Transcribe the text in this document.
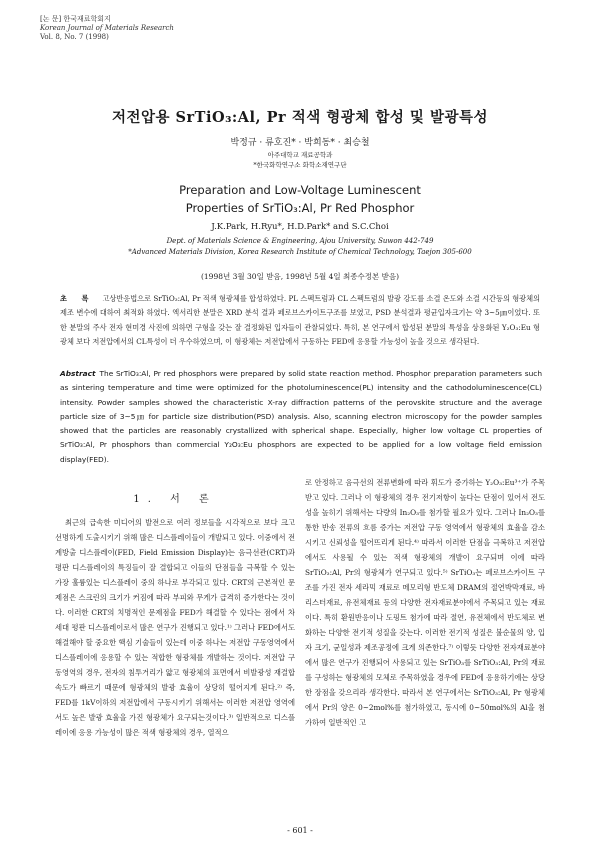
[논 문] 한국재료학회지
Korean Journal of Materials Research
Vol. 8, No. 7 (1998)
저전압용 SrTiO₃:Al, Pr 적색 형광체 합성 및 발광특성
박정규 · 류호진* · 박희동* · 최승철
아주대학교 재료공학과
*한국화학연구소 화학소재연구단
Preparation and Low-Voltage Luminescent
Properties of SrTiO₃:Al, Pr Red Phosphor
J.K.Park, H.Ryu*, H.D.Park* and S.C.Choi
Dept. of Materials Science & Engineering, Ajou University, Suwon 442-749
*Advanced Materials Division, Korea Research Institute of Chemical Technology, Taejon 305-600
(1998년 3월 30일 받음, 1998년 5월 4일 최종수정본 받음)
초 록 고상반응법으로 SrTiO₃:Al, Pr 적색 형광체를 합성하였다. PL 스펙트럼과 CL 스펙트럼의 발광 강도를 소결 온도와 소결 시간등의 형광체의 제조 변수에 대하여 최적화 하였다. 엑서리한 분말은 XRD 분석 결과 페로브스카이트구조를 보였고, PSD 분석결과 평균입자크기는 약 3~5㎛이었다. 또한 분말의 주사 전자 현미경 사진에 의하면 구형을 갖는 잘 결정화된 입자들이 관찰되었다. 특히, 본 연구에서 합성된 분말의 특성을 상용화된 Y₂O₃:Eu 형광체 보다 저전압에서의 CL특성이 더 우수하였으며, 이 형광체는 저전압에서 구동하는 FED에 응용할 가능성이 높을 것으로 생각된다.
Abstract The SrTiO₃:Al, Pr red phosphors were prepared by solid state reaction method. Phosphor preparation parameters such as sintering temperature and time were optimized for the photoluminescence(PL) intensity and the cathodoluminescence(CL) intensity. Powder samples showed the characteristic X-ray diffraction patterns of the perovskite structure and the average particle size of 3~5㎛ for particle size distribution(PSD) analysis. Also, scanning electron microscopy for the powder samples showed that the particles are reasonably crystallized with spherical shape. Especially, higher low voltage CL properties of SrTiO₃:Al, Pr phosphors than commercial Y₂O₃:Eu phosphors are expected to be applied for a low voltage field emission display(FED).
1. 서 론

최근의 급속한 미디어의 발전으로 여러 정보들을 시각적으로 보다 크고 선명하게 도출시키기 위해 많은 디스플레이들이 개발되고 있다. 이중에서 전계방출 디스플레이(FED, Field Emission Display)는 음극선관(CRT)과 평판 디스플레이의 특징들이 잘 결합되고 이들의 단점들을 극복할 수 있는 가장 훌륭있는 디스플레이 중의 하나로 부각되고 있다. CRT의 근본적인 문제점은 스크린의 크기가 커짐에 따라 부피와 무게가 급격히 증가한다는 것이다. 이러한 CRT의 치명적인 문제점을 FED가 해결할 수 있다는 점에서 차세대 평판 디스플레이로서 많은 연구가 진행되고 있다.¹⁾ 그러나 FED에서도 해결해야 할 중요한 핵심 기술들이 있는데 이중 하나는 저전압 구동영역에서 디스플레이에 응용할 수 있는 적합한 형광체를 개발하는 것이다. 저전압 구동영역의 경우, 전자의 침투거리가 얇고 형광체의 표면에서 비발광성 재결합 속도가 빠르기 때문에 형광체의 발광 효율이 상당히 떨어지게 된다.²⁾ 즉, FED를 1kV이하의 저전압에서 구동시키기 위해서는 이러한 저전압 영역에서도 높은 발광 효율을 가진 형광체가 요구되는것이다.³⁾ 일반적으로 디스플레이에 응용 가능성이 많은 적색 형광체의 경우, 열적으

로 안정하고 음극선의 전류변화에 따라 휘도가 증가하는 Y₂O₃:Eu³⁺가 주목받고 있다. 그러나 이 형광체의 경우 전기저항이 높다는 단점이 있어서 전도성을 높히기 위해서는 다량의 In₂O₃를 첨가할 필요가 있다. 그러나 In₂O₃를 통한 반송 전류의 흐름 증가는 저전압 구동 영역에서 형광체의 효율을 감소시키고 신뢰성을 떨어뜨리게 된다.⁴⁾ 따라서 이러한 단점을 극복하고 저전압에서도 사용될 수 있는 적색 형광체의 개발이 요구되며 이에 따라 SrTiO₃:Al, Pr의 형광체가 연구되고 있다.⁵⁾ SrTiO₃는 페로브스카이트 구조를 가진 전자 세라믹 재료로 메모리형 반도체 DRAM의 절연박막재료, 바리스터재료, 유전체재료 등의 다양한 전자재료분야에서 주목되고 있는 재료이다. 특히 환원반응이나 도핑트 첨가에 따라 절연, 유전체에서 반도체로 변화하는 다양한 전기적 성질을 갖는다. 이러한 전기적 성질은 불순물의 양, 입자 크기, 균일성과 제조공정에 크게 의존한다.⁷⁾ 이렇듯 다양한 전자재료분야에서 많은 연구가 진행되어 사용되고 있는 SrTiO₃를 SrTiO₃:Al, Pr의 재료를 구성하는 형광체의 모체로 주목하였을 경우에 FED에 응용하기에는 상당한 장점을 갖으리라 생각한다. 따라서 본 연구에서는 SrTiO₃:Al, Pr 형광체에서 Pr의 양은 0~2mol%를 첨가하였고, 동시에 0~50mol%의 Al을 첨가하여 일반적인 고

- 601 -
